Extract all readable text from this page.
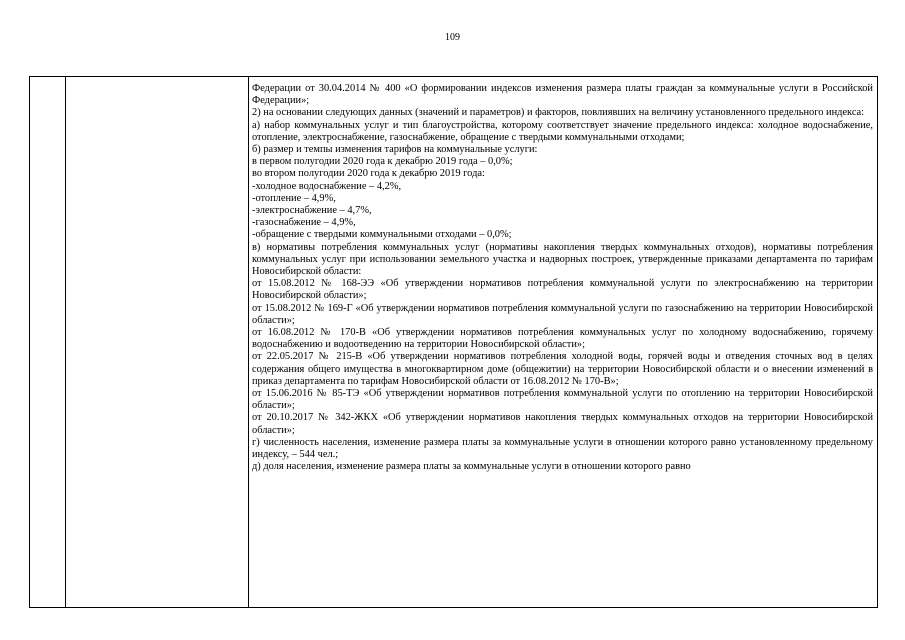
109

Федерации от 30.04.2014 № 400 «О формировании индексов изменения размера платы граждан за коммунальные услуги в Российской Федерации»;

2) на основании следующих данных (значений и параметров) и факторов, повлиявших на величину установленного предельного индекса:

а) набор коммунальных услуг и тип благоустройства, которому соответствует значение предельного индекса: холодное водоснабжение, отопление, электроснабжение, газоснабжение, обращение с твердыми коммунальными отходами;

б) размер и темпы изменения тарифов на коммунальные услуги:

в первом полугодии 2020 года к декабрю 2019 года – 0,0%;

во втором полугодии 2020 года к декабрю 2019 года:

-холодное водоснабжение – 4,2%,

-отопление – 4,9%,

-электроснабжение – 4,7%,

-газоснабжение – 4,9%,

-обращение с твердыми коммунальными отходами – 0,0%;

в) нормативы потребления коммунальных услуг (нормативы накопления твердых коммунальных отходов), нормативы потребления коммунальных услуг при использовании земельного участка и надворных построек, утвержденные приказами департамента по тарифам Новосибирской области:

от 15.08.2012 № 168-ЭЭ «Об утверждении нормативов потребления коммунальной услуги по электроснабжению на территории Новосибирской области»;

от 15.08.2012 № 169-Г «Об утверждении нормативов потребления коммунальной услуги по газоснабжению на территории Новосибирской области»;

от 16.08.2012 № 170-В «Об утверждении нормативов потребления коммунальных услуг по холодному водоснабжению, горячему водоснабжению и водоотведению на территории Новосибирской области»;

от 22.05.2017 № 215-В «Об утверждении нормативов потребления холодной воды, горячей воды и отведения сточных вод в целях содержания общего имущества в многоквартирном доме (общежитии) на территории Новосибирской области и о внесении изменений в приказ департамента по тарифам Новосибирской области от 16.08.2012 № 170-В»;

от 15.06.2016 № 85-ТЭ «Об утверждении нормативов потребления коммунальной услуги по отоплению на территории Новосибирской области»;

от 20.10.2017 № 342-ЖКХ «Об утверждении нормативов накопления твердых коммунальных отходов на территории Новосибирской области»;

г) численность населения, изменение размера платы за коммунальные услуги в отношении которого равно установленному предельному индексу, – 544 чел.;

д) доля населения, изменение размера платы за коммунальные услуги в отношении которого равно
